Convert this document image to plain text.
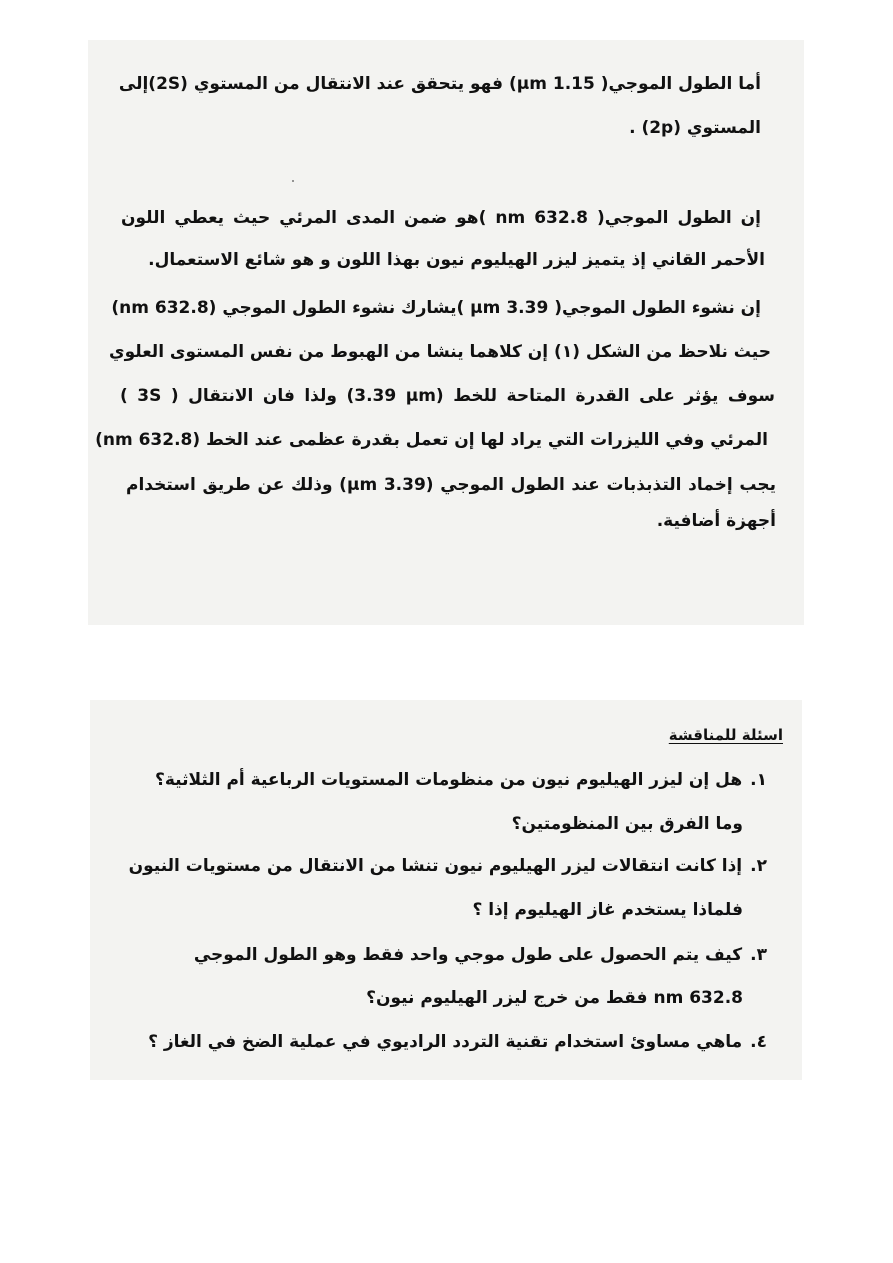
أما الطول الموجي( 1.15 µm) فهو يتحقق عند الانتقال من المستوي (2S)إلى
المستوي (2p) .
إن الطول الموجي( 632.8 nm )هو ضمن المدى المرئي حيث يعطي اللون
الأحمر القاني إذ يتميز ليزر الهيليوم نيون بهذا اللون و هو شائع الاستعمال.
إن نشوء الطول الموجي( 3.39 µm )يشارك نشوء الطول الموجي (632.8 nm)
حيث نلاحظ من الشكل (١) إن كلاهما ينشا من الهبوط من نفس المستوى العلوي
( 3S ) ولذا فان الانتقال (3.39 µm) سوف يؤثر على القدرة المتاحة للخط
المرئي وفي الليزرات التي يراد لها إن تعمل بقدرة عظمى عند الخط (632.8 nm)
يجب إخماد التذبذبات عند الطول الموجي (3.39 µm) وذلك عن طريق استخدام
أجهزة أضافية.
اسئلة للمناقشة
١.هل إن ليزر الهيليوم نيون من منظومات المستويات الرباعية أم الثلاثية؟
وما الفرق بين المنظومتين؟
٢.إذا كانت انتقالات ليزر الهيليوم نيون تنشا من الانتقال من مستويات النيون
فلماذا يستخدم غاز الهيليوم إذا ؟
٣.كيف يتم الحصول على طول موجي واحد فقط وهو الطول الموجي
632.8 nm فقط من خرج ليزر الهيليوم نيون؟
٤.ماهي مساوئ استخدام تقنية التردد الراديوي في عملية الضخ في الغاز ؟
